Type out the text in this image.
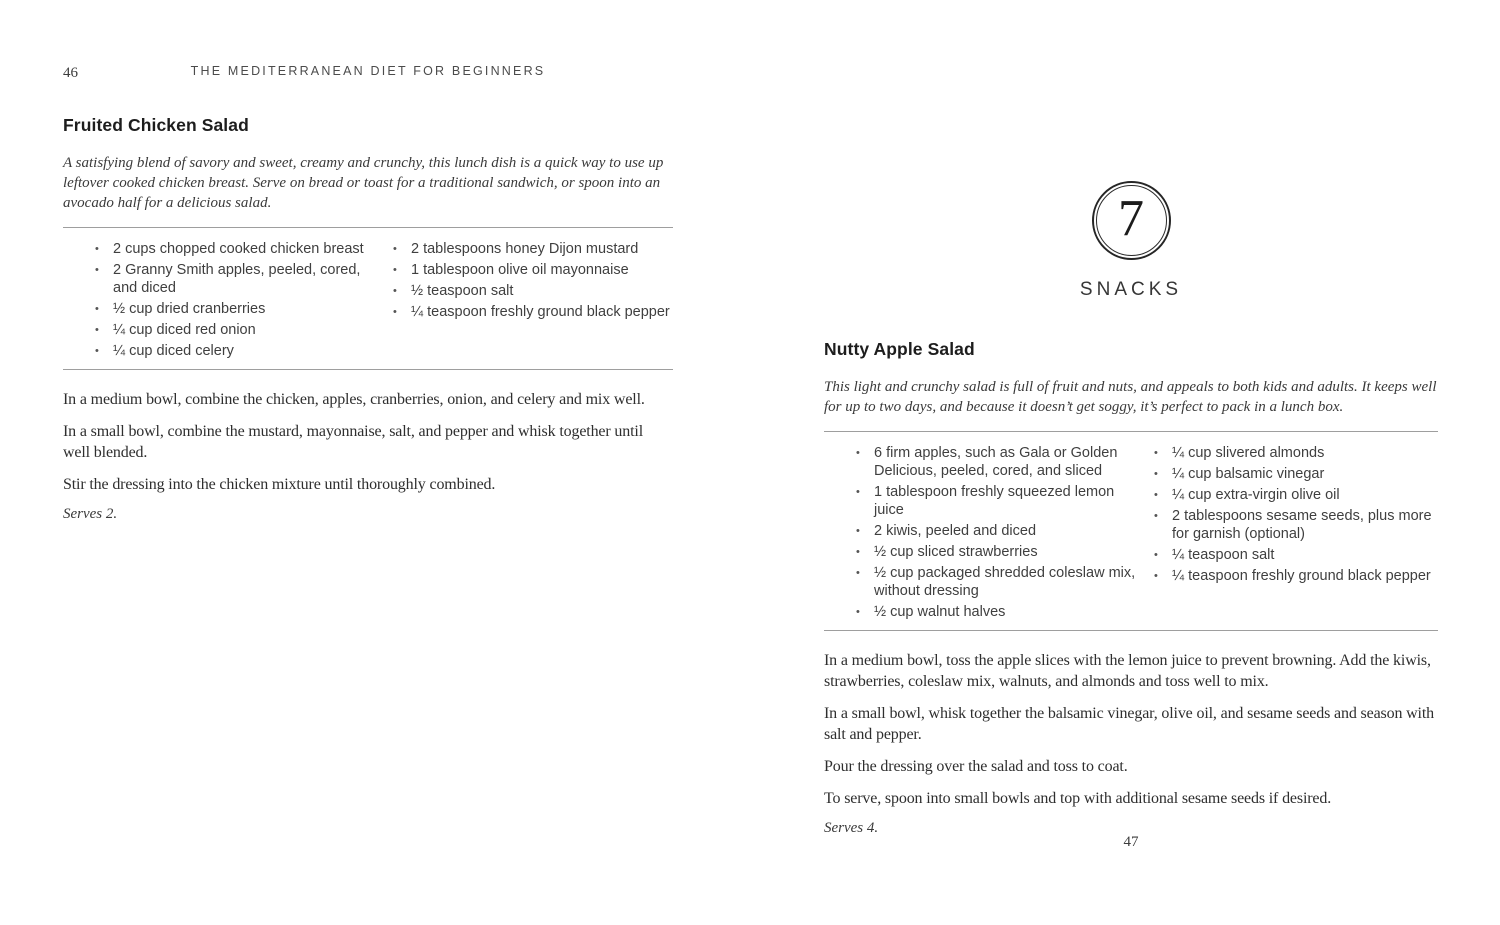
46	THE MEDITERRANEAN DIET FOR BEGINNERS
Fruited Chicken Salad

A satisfying blend of savory and sweet, creamy and crunchy, this lunch dish is a quick way to use up leftover cooked chicken breast. Serve on bread or toast for a traditional sandwich, or spoon into an avocado half for a delicious salad.

• 2 cups chopped cooked chicken breast
• 2 Granny Smith apples, peeled, cored, and diced
• ½ cup dried cranberries
• ¼ cup diced red onion
• ¼ cup diced celery
• 2 tablespoons honey Dijon mustard
• 1 tablespoon olive oil mayonnaise
• ½ teaspoon salt
• ¼ teaspoon freshly ground black pepper

In a medium bowl, combine the chicken, apples, cranberries, onion, and celery and mix well.

In a small bowl, combine the mustard, mayonnaise, salt, and pepper and whisk together until well blended.

Stir the dressing into the chicken mixture until thoroughly combined.

Serves 2.

7
SNACKS
Nutty Apple Salad

This light and crunchy salad is full of fruit and nuts, and appeals to both kids and adults. It keeps well for up to two days, and because it doesn’t get soggy, it’s perfect to pack in a lunch box.

• 6 firm apples, such as Gala or Golden Delicious, peeled, cored, and sliced
• 1 tablespoon freshly squeezed lemon juice
• 2 kiwis, peeled and diced
• ½ cup sliced strawberries
• ½ cup packaged shredded coleslaw mix, without dressing
• ½ cup walnut halves
• ¼ cup slivered almonds
• ¼ cup balsamic vinegar
• ¼ cup extra-virgin olive oil
• 2 tablespoons sesame seeds, plus more for garnish (optional)
• ¼ teaspoon salt
• ¼ teaspoon freshly ground black pepper

In a medium bowl, toss the apple slices with the lemon juice to prevent browning. Add the kiwis, strawberries, coleslaw mix, walnuts, and almonds and toss well to mix.

In a small bowl, whisk together the balsamic vinegar, olive oil, and sesame seeds and season with salt and pepper.

Pour the dressing over the salad and toss to coat.

To serve, spoon into small bowls and top with additional sesame seeds if desired.

Serves 4.

47
